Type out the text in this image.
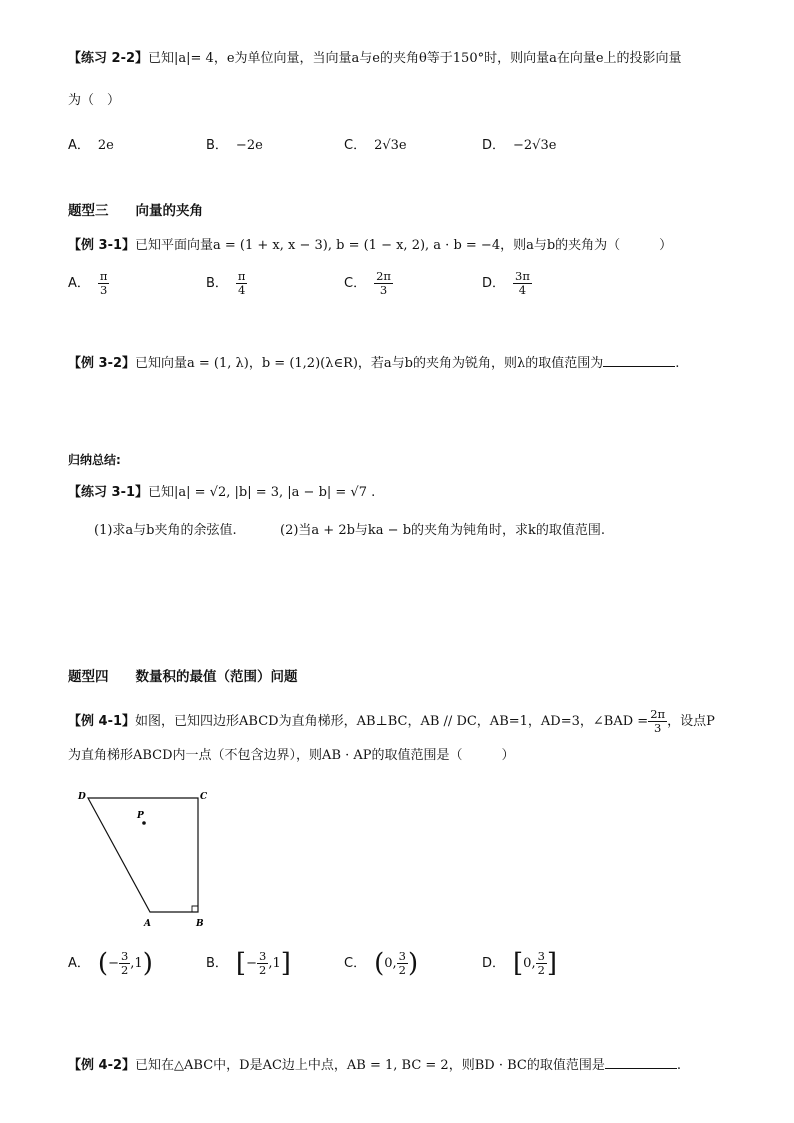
【练习 2-2】已知|a|= 4，e为单位向量，当向量a与e的夹角θ等于150°时，则向量a在向量e上的投影向量
为（　）
A． 2e	B． −2e	C． 2√3e	D． −2√3e
题型三　　向量的夹角
【例 3-1】已知平面向量a = (1 + x, x − 3), b = (1 − x, 2), a · b = −4，则a与b的夹角为（　　　）
A． $\frac{\pi}{3}$	B． $\frac{\pi}{4}$	C． $\frac{2\pi}{3}$	D． $\frac{3\pi}{4}$
【例 3-2】已知向量a = (1, λ)，b = (1,2)(λ∈R)，若a与b的夹角为锐角，则λ的取值范围为	.
归纳总结:
【练习 3-1】已知|a| = √2, |b| = 3, |a − b| = √7 .
(1)求a与b夹角的余弦值.	(2)当a + 2b与ka − b的夹角为钝角时，求k的取值范围.
题型四　　数量积的最值（范围）问题
【例 4-1】如图，已知四边形ABCD为直角梯形，AB⊥BC，AB // DC，AB=1，AD=3，∠BAD = $\frac{2\pi}{3}$ ，设点P
为直角梯形ABCD内一点（不包含边界），则AB · AP的取值范围是（　　　）
D	C
P
A	B
A． (− $\frac{3}{2} ,1$)	B． [− $\frac{3}{2} ,1$]	C． (0, $\frac{3}{2}$ )	D． [0, $\frac{3}{2}$ ]
【例 4-2】已知在△ABC中，D是AC边上中点，AB = 1, BC = 2，则BD · BC的取值范围是	.
